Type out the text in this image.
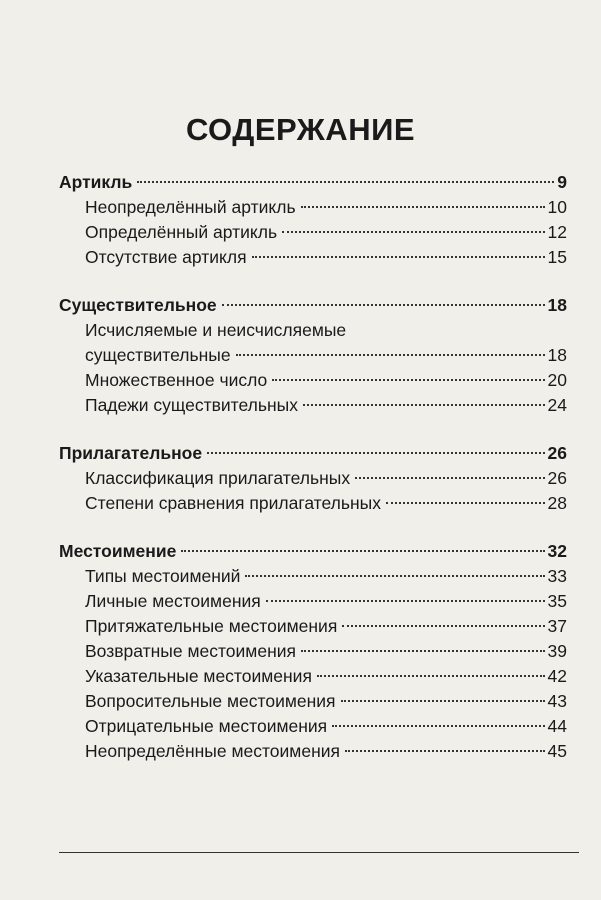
СОДЕРЖАНИЕ
Артикль	9
Неопределённый артикль	10
Определённый артикль	12
Отсутствие артикля	15
Существительное	18
Исчисляемые и неисчисляемые
существительные	18
Множественное число	20
Падежи существительных	24
Прилагательное	26
Классификация прилагательных	26
Степени сравнения прилагательных	28
Местоимение	32
Типы местоимений	33
Личные местоимения	35
Притяжательные местоимения	37
Возвратные местоимения	39
Указательные местоимения	42
Вопросительные местоимения	43
Отрицательные местоимения	44
Неопределённые местоимения	45
